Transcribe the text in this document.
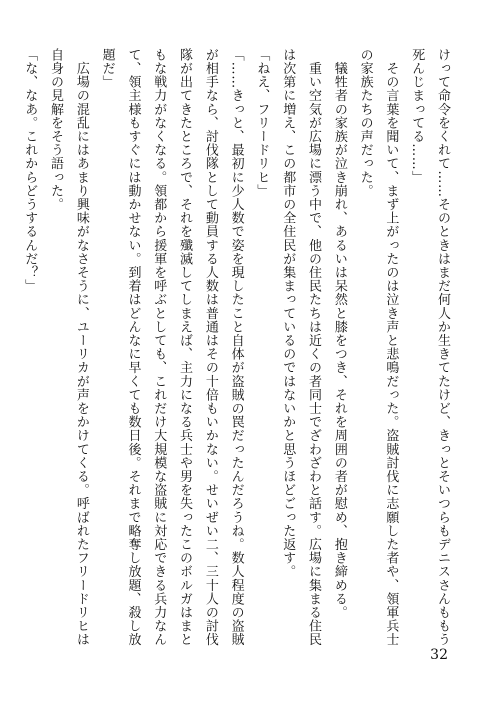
けって命令をくれて……そのときはまだ何人か生きてたけど、きっとそいつらもデニスさんももう
死んじまってる……」
　その言葉を聞いて、まず上がったのは泣き声と悲鳴だった。盗賊討伐に志願した者や、領軍兵士
の家族たちの声だった。
　犠牲者の家族が泣き崩れ、あるいは呆然と膝をつき、それを周囲の者が慰め、抱き締める。
　重い空気が広場に漂う中で、他の住民たちは近くの者同士でざわざわと話す。広場に集まる住民
は次第に増え、この都市の全住民が集まっているのではないかと思うほどごった返す。
「ねえ、フリードリヒ」
「……きっと、最初に少人数で姿を現したこと自体が盗賊の罠だったんだろうね。数人程度の盗賊
が相手なら、討伐隊として動員する人数は普通はその十倍もいかない。せいぜい二、三十人の討伐
隊が出てきたところで、それを殲滅してしまえば、主力になる兵士や男を失ったこのボルガはまと
もな戦力がなくなる。領都から援軍を呼ぶとしても、これだけ大規模な盗賊に対応できる兵力なん
て、領主様もすぐには動かせない。到着はどんなに早くても数日後。それまで略奪し放題、殺し放
題だ」
　広場の混乱にはあまり興味がなさそうに、ユーリカが声をかけてくる。呼ばれたフリードリヒは
自身の見解をそう語った。
「な、なあ。これからどうするんだ？」
32
